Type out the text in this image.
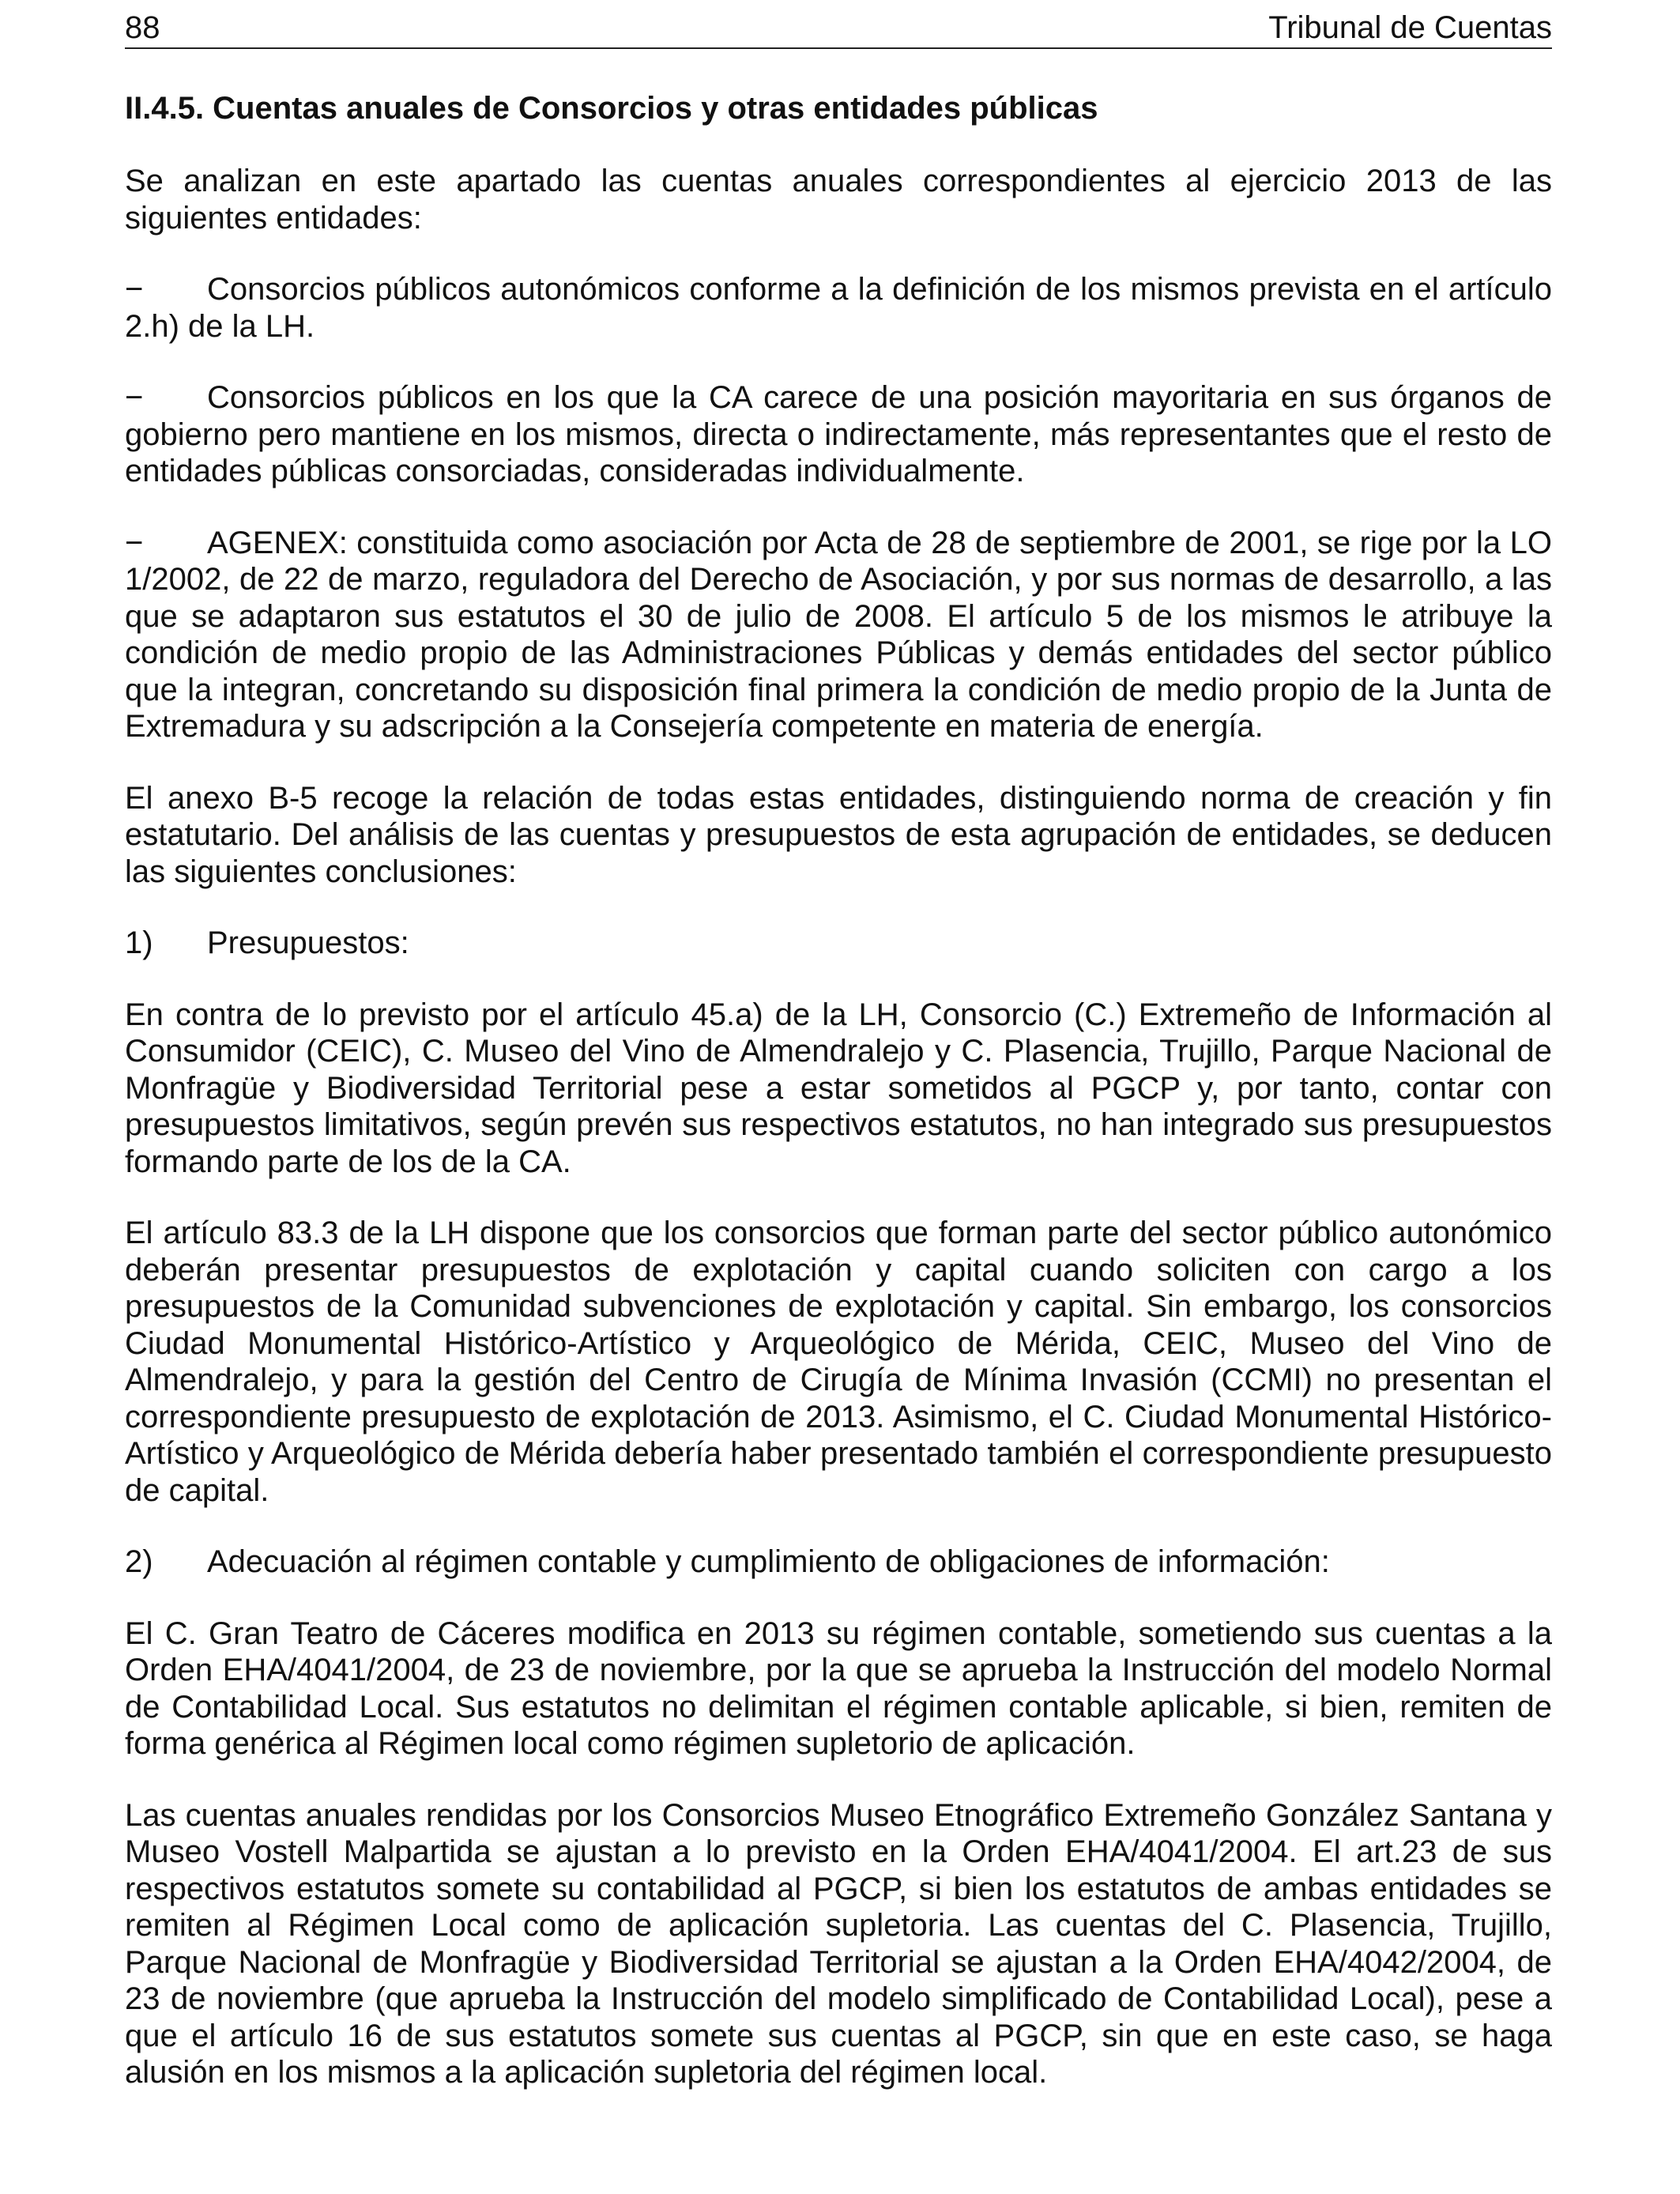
88	Tribunal de Cuentas
II.4.5. Cuentas anuales de Consorcios y otras entidades públicas

Se analizan en este apartado las cuentas anuales correspondientes al ejercicio 2013 de las siguientes entidades:

− Consorcios públicos autonómicos conforme a la definición de los mismos prevista en el artículo 2.h) de la LH.

− Consorcios públicos en los que la CA carece de una posición mayoritaria en sus órganos de gobierno pero mantiene en los mismos, directa o indirectamente, más representantes que el resto de entidades públicas consorciadas, consideradas individualmente.

− AGENEX: constituida como asociación por Acta de 28 de septiembre de 2001, se rige por la LO 1/2002, de 22 de marzo, reguladora del Derecho de Asociación, y por sus normas de desarrollo, a las que se adaptaron sus estatutos el 30 de julio de 2008. El artículo 5 de los mismos le atribuye la condición de medio propio de las Administraciones Públicas y demás entidades del sector público que la integran, concretando su disposición final primera la condición de medio propio de la Junta de Extremadura y su adscripción a la Consejería competente en materia de energía.

El anexo B-5 recoge la relación de todas estas entidades, distinguiendo norma de creación y fin estatutario. Del análisis de las cuentas y presupuestos de esta agrupación de entidades, se deducen las siguientes conclusiones:

1) Presupuestos:

En contra de lo previsto por el artículo 45.a) de la LH, Consorcio (C.) Extremeño de Información al Consumidor (CEIC), C. Museo del Vino de Almendralejo y C. Plasencia, Trujillo, Parque Nacional de Monfragüe y Biodiversidad Territorial pese a estar sometidos al PGCP y, por tanto, contar con presupuestos limitativos, según prevén sus respectivos estatutos, no han integrado sus presupuestos formando parte de los de la CA.

El artículo 83.3 de la LH dispone que los consorcios que forman parte del sector público autonómico deberán presentar presupuestos de explotación y capital cuando soliciten con cargo a los presupuestos de la Comunidad subvenciones de explotación y capital. Sin embargo, los consorcios Ciudad Monumental Histórico-Artístico y Arqueológico de Mérida, CEIC, Museo del Vino de Almendralejo, y para la gestión del Centro de Cirugía de Mínima Invasión (CCMI) no presentan el correspondiente presupuesto de explotación de 2013. Asimismo, el C. Ciudad Monumental Histórico-Artístico y Arqueológico de Mérida debería haber presentado también el correspondiente presupuesto de capital.

2) Adecuación al régimen contable y cumplimiento de obligaciones de información:

El C. Gran Teatro de Cáceres modifica en 2013 su régimen contable, sometiendo sus cuentas a la Orden EHA/4041/2004, de 23 de noviembre, por la que se aprueba la Instrucción del modelo Normal de Contabilidad Local. Sus estatutos no delimitan el régimen contable aplicable, si bien, remiten de forma genérica al Régimen local como régimen supletorio de aplicación.

Las cuentas anuales rendidas por los Consorcios Museo Etnográfico Extremeño González Santana y Museo Vostell Malpartida se ajustan a lo previsto en la Orden EHA/4041/2004. El art.23 de sus respectivos estatutos somete su contabilidad al PGCP, si bien los estatutos de ambas entidades se remiten al Régimen Local como de aplicación supletoria. Las cuentas del C. Plasencia, Trujillo, Parque Nacional de Monfragüe y Biodiversidad Territorial se ajustan a la Orden EHA/4042/2004, de 23 de noviembre (que aprueba la Instrucción del modelo simplificado de Contabilidad Local), pese a que el artículo 16 de sus estatutos somete sus cuentas al PGCP, sin que en este caso, se haga alusión en los mismos a la aplicación supletoria del régimen local.
